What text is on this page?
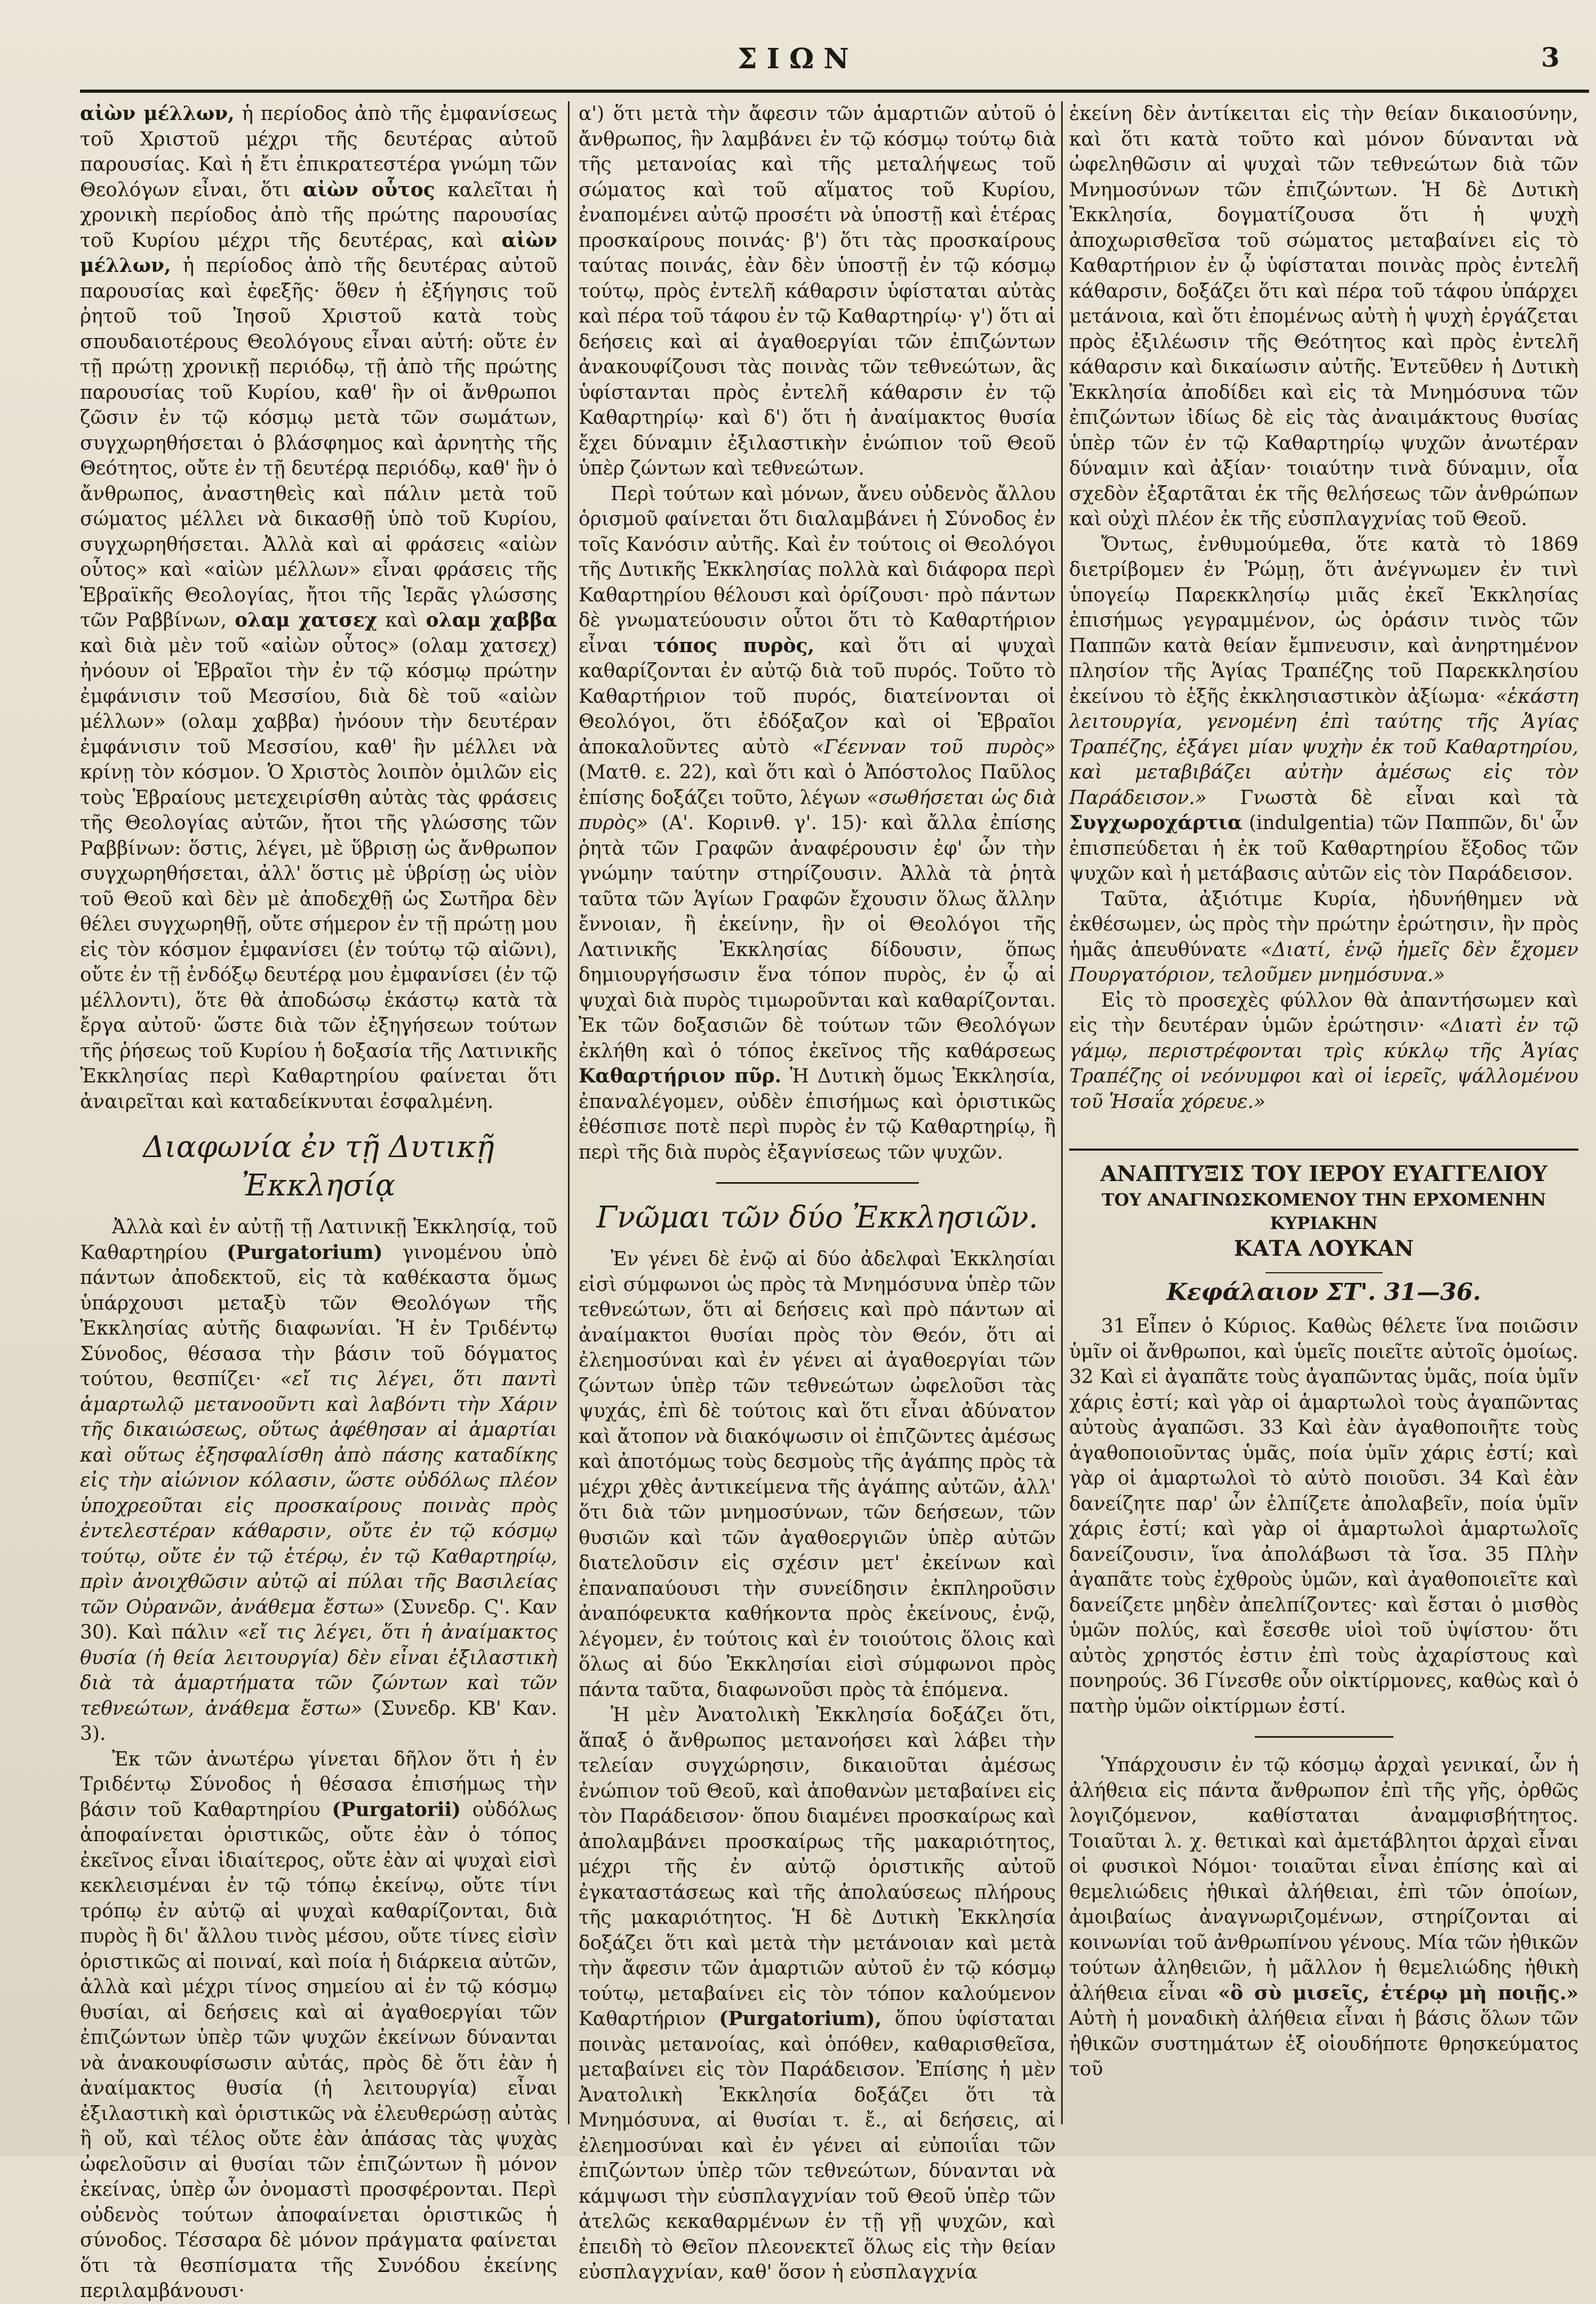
ΣΙΩΝ	3

αἰὼν μέλλων, ἡ περίοδος ἀπὸ τῆς ἐμφανίσεως τοῦ Χριστοῦ μέχρι τῆς δευτέρας αὐτοῦ παρουσίας. Καὶ ἡ ἔτι ἐπικρατεστέρα γνώμη τῶν Θεολόγων εἶναι, ὅτι αἰὼν οὗτος καλεῖται ἡ χρονικὴ περίοδος ἀπὸ τῆς πρώτης παρουσίας τοῦ Κυρίου μέχρι τῆς δευτέρας, καὶ αἰὼν μέλλων, ἡ περίοδος ἀπὸ τῆς δευτέρας αὐτοῦ παρουσίας καὶ ἐφεξῆς· ὅθεν ἡ ἐξήγησις τοῦ ῥητοῦ τοῦ Ἰησοῦ Χριστοῦ κατὰ τοὺς σπουδαιοτέρους Θεολόγους εἶναι αὐτή: οὔτε ἐν τῇ πρώτῃ χρονικῇ περιόδῳ, τῇ ἀπὸ τῆς πρώτης παρουσίας τοῦ Κυρίου, καθ' ἣν οἱ ἄνθρωποι ζῶσιν ἐν τῷ κόσμῳ μετὰ τῶν σωμάτων, συγχωρηθήσεται ὁ βλάσφημος καὶ ἀρνητὴς τῆς Θεότητος, οὔτε ἐν τῇ δευτέρᾳ περιόδῳ, καθ' ἣν ὁ ἄνθρωπος, ἀναστηθεὶς καὶ πάλιν μετὰ τοῦ σώματος μέλλει νὰ δικασθῇ ὑπὸ τοῦ Κυρίου, συγχωρηθήσεται. Ἀλλὰ καὶ αἱ φράσεις «αἰὼν οὗτος» καὶ «αἰὼν μέλλων» εἶναι φράσεις τῆς Ἑβραϊκῆς Θεολογίας, ἤτοι τῆς Ἱερᾶς γλώσσης τῶν Ραββίνων, ολαμ χατσεχ καὶ ολαμ χαββα καὶ διὰ μὲν τοῦ «αἰὼν οὗτος» (ολαμ χατσεχ) ἠνόουν οἱ Ἑβραῖοι τὴν ἐν τῷ κόσμῳ πρώτην ἐμφάνισιν τοῦ Μεσσίου, διὰ δὲ τοῦ «αἰὼν μέλλων» (ολαμ χαββα) ἠνόουν τὴν δευτέραν ἐμφάνισιν τοῦ Μεσσίου, καθ' ἣν μέλλει νὰ κρίνῃ τὸν κόσμον. Ὁ Χριστὸς λοιπὸν ὁμιλῶν εἰς τοὺς Ἑβραίους μετεχειρίσθη αὐτὰς τὰς φράσεις τῆς Θεολογίας αὐτῶν, ἤτοι τῆς γλώσσης τῶν Ραββίνων: ὅστις, λέγει, μὲ ὕβρισῃ ὡς ἄνθρωπον συγχωρηθήσεται, ἀλλ' ὅστις μὲ ὑβρίσῃ ὡς υἱὸν τοῦ Θεοῦ καὶ δὲν μὲ ἀποδεχθῇ ὡς Σωτῆρα δὲν θέλει συγχωρηθῇ, οὔτε σήμερον ἐν τῇ πρώτῃ μου εἰς τὸν κόσμον ἐμφανίσει (ἐν τούτῳ τῷ αἰῶνι), οὔτε ἐν τῇ ἐνδόξῳ δευτέρᾳ μου ἐμφανίσει (ἐν τῷ μέλλοντι), ὅτε θὰ ἀποδώσῳ ἑκάστῳ κατὰ τὰ ἔργα αὐτοῦ· ὥστε διὰ τῶν ἐξηγήσεων τούτων τῆς ῥήσεως τοῦ Κυρίου ἡ δοξασία τῆς Λατινικῆς Ἐκκλησίας περὶ Καθαρτηρίου φαίνεται ὅτι ἀναιρεῖται καὶ καταδείκνυται ἐσφαλμένη.

Διαφωνία ἐν τῇ Δυτικῇ Ἐκκλησίᾳ

Ἀλλὰ καὶ ἐν αὐτῇ τῇ Λατινικῇ Ἐκκλησίᾳ, τοῦ Καθαρτηρίου (Purgatorium) γινομένου ὑπὸ πάντων ἀποδεκτοῦ, εἰς τὰ καθέκαστα ὅμως ὑπάρχουσι μεταξὺ τῶν Θεολόγων τῆς Ἐκκλησίας αὐτῆς διαφωνίαι. Ἡ ἐν Τριδέντῳ Σύνοδος, θέσασα τὴν βάσιν τοῦ δόγματος τούτου, θεσπίζει· «εἴ τις λέγει, ὅτι παντὶ ἁμαρτωλῷ μετανοοῦντι καὶ λαβόντι τὴν Χάριν τῆς δικαιώσεως, οὕτως ἀφέθησαν αἱ ἁμαρτίαι καὶ οὕτως ἐξησφαλίσθη ἀπὸ πάσης καταδίκης εἰς τὴν αἰώνιον κόλασιν, ὥστε οὐδόλως πλέον ὑποχρεοῦται εἰς προσκαίρους ποινὰς πρὸς ἐντελεστέραν κάθαρσιν, οὔτε ἐν τῷ κόσμῳ τούτῳ, οὔτε ἐν τῷ ἑτέρῳ, ἐν τῷ Καθαρτηρίῳ, πρὶν ἀνοιχθῶσιν αὐτῷ αἱ πύλαι τῆς Βασιλείας τῶν Οὐρανῶν, ἀνάθεμα ἔστω» (Συνεδρ. Ϛ'. Καν 30). Καὶ πάλιν «εἴ τις λέγει, ὅτι ἡ ἀναίμακτος θυσία (ἡ θεία λειτουργία) δὲν εἶναι ἐξιλαστικὴ διὰ τὰ ἁμαρτήματα τῶν ζώντων καὶ τῶν τεθνεώτων, ἀνάθεμα ἔστω» (Συνεδρ. ΚΒ' Καν. 3).

Ἐκ τῶν ἀνωτέρω γίνεται δῆλον ὅτι ἡ ἐν Τριδέντῳ Σύνοδος ἡ θέσασα ἐπισήμως τὴν βάσιν τοῦ Καθαρτηρίου (Purgatorii) οὐδόλως ἀποφαίνεται ὁριστικῶς, οὔτε ἐὰν ὁ τόπος ἐκεῖνος εἶναι ἰδιαίτερος, οὔτε ἐὰν αἱ ψυχαὶ εἰσὶ κεκλεισμέναι ἐν τῷ τόπῳ ἐκείνῳ, οὔτε τίνι τρόπῳ ἐν αὐτῷ αἱ ψυχαὶ καθαρίζονται, διὰ πυρὸς ἢ δι' ἄλλου τινὸς μέσου, οὔτε τίνες εἰσὶν ὁριστικῶς αἱ ποιναί, καὶ ποία ἡ διάρκεια αὐτῶν, ἀλλὰ καὶ μέχρι τίνος σημείου αἱ ἐν τῷ κόσμῳ θυσίαι, αἱ δεήσεις καὶ αἱ ἀγαθοεργίαι τῶν ἐπιζώντων ὑπὲρ τῶν ψυχῶν ἐκείνων δύνανται νὰ ἀνακουφίσωσιν αὐτάς, πρὸς δὲ ὅτι ἐὰν ἡ ἀναίμακτος θυσία (ἡ λειτουργία) εἶναι ἐξιλαστικὴ καὶ ὁριστικῶς νὰ ἐλευθερώσῃ αὐτὰς ἢ οὔ, καὶ τέλος οὔτε ἐὰν ἁπάσας τὰς ψυχὰς ὠφελοῦσιν αἱ θυσίαι τῶν ἐπιζώντων ἢ μόνον ἐκείνας, ὑπὲρ ὧν ὀνομαστὶ προσφέρονται. Περὶ οὐδενὸς τούτων ἀποφαίνεται ὁριστικῶς ἡ σύνοδος. Τέσσαρα δὲ μόνον πράγματα φαίνεται ὅτι τὰ θεσπίσματα τῆς Συνόδου ἐκείνης περιλαμβάνουσι·

α') ὅτι μετὰ τὴν ἄφεσιν τῶν ἁμαρτιῶν αὐτοῦ ὁ ἄνθρωπος, ἣν λαμβάνει ἐν τῷ κόσμῳ τούτῳ διὰ τῆς μετανοίας καὶ τῆς μεταλήψεως τοῦ σώματος καὶ τοῦ αἵματος τοῦ Κυρίου, ἐναπομένει αὐτῷ προσέτι νὰ ὑποστῇ καὶ ἑτέρας προσκαίρους ποινάς· β') ὅτι τὰς προσκαίρους ταύτας ποινάς, ἐὰν δὲν ὑποστῇ ἐν τῷ κόσμῳ τούτῳ, πρὸς ἐντελῆ κάθαρσιν ὑφίσταται αὐτὰς καὶ πέρα τοῦ τάφου ἐν τῷ Καθαρτηρίῳ· γ') ὅτι αἱ δεήσεις καὶ αἱ ἀγαθοεργίαι τῶν ἐπιζώντων ἀνακουφίζουσι τὰς ποινὰς τῶν τεθνεώτων, ἃς ὑφίστανται πρὸς ἐντελῆ κάθαρσιν ἐν τῷ Καθαρτηρίῳ· καὶ δ') ὅτι ἡ ἀναίμακτος θυσία ἔχει δύναμιν ἐξιλαστικὴν ἐνώπιον τοῦ Θεοῦ ὑπὲρ ζώντων καὶ τεθνεώτων.

Περὶ τούτων καὶ μόνων, ἄνευ οὐδενὸς ἄλλου ὁρισμοῦ φαίνεται ὅτι διαλαμβάνει ἡ Σύνοδος ἐν τοῖς Κανόσιν αὐτῆς. Καὶ ἐν τούτοις οἱ Θεολόγοι τῆς Δυτικῆς Ἐκκλησίας πολλὰ καὶ διάφορα περὶ Καθαρτηρίου θέλουσι καὶ ὁρίζουσι· πρὸ πάντων δὲ γνωματεύουσιν οὗτοι ὅτι τὸ Καθαρτήριον εἶναι τόπος πυρὸς, καὶ ὅτι αἱ ψυχαὶ καθαρίζονται ἐν αὐτῷ διὰ τοῦ πυρός. Τοῦτο τὸ Καθαρτήριον τοῦ πυρός, διατείνονται οἱ Θεολόγοι, ὅτι ἐδόξαζον καὶ οἱ Ἑβραῖοι ἀποκαλοῦντες αὐτὸ «Γέενναν τοῦ πυρὸς» (Ματθ. ε. 22), καὶ ὅτι καὶ ὁ Ἀπόστολος Παῦλος ἐπίσης δοξάζει τοῦτο, λέγων «σωθήσεται ὡς διὰ πυρὸς» (Α'. Κορινθ. γ'. 15)· καὶ ἄλλα ἐπίσης ῥητὰ τῶν Γραφῶν ἀναφέρουσιν ἐφ' ὧν τὴν γνώμην ταύτην στηρίζουσιν. Ἀλλὰ τὰ ῥητὰ ταῦτα τῶν Ἁγίων Γραφῶν ἔχουσιν ὅλως ἄλλην ἔννοιαν, ἢ ἐκείνην, ἣν οἱ Θεολόγοι τῆς Λατινικῆς Ἐκκλησίας δίδουσιν, ὅπως δημιουργήσωσιν ἕνα τόπον πυρὸς, ἐν ᾧ αἱ ψυχαὶ διὰ πυρὸς τιμωροῦνται καὶ καθαρίζονται. Ἐκ τῶν δοξασιῶν δὲ τούτων τῶν Θεολόγων ἐκλήθη καὶ ὁ τόπος ἐκεῖνος τῆς καθάρσεως Καθαρτήριον πῦρ. Ἡ Δυτικὴ ὅμως Ἐκκλησία, ἐπαναλέγομεν, οὐδὲν ἐπισήμως καὶ ὁριστικῶς ἐθέσπισε ποτὲ περὶ πυρὸς ἐν τῷ Καθαρτηρίῳ, ἢ περὶ τῆς διὰ πυρὸς ἐξαγνίσεως τῶν ψυχῶν.

Γνῶμαι τῶν δύο Ἐκκλησιῶν.

Ἐν γένει δὲ ἐνῷ αἱ δύο ἀδελφαὶ Ἐκκλησίαι εἰσὶ σύμφωνοι ὡς πρὸς τὰ Μνημόσυνα ὑπὲρ τῶν τεθνεώτων, ὅτι αἱ δεήσεις καὶ πρὸ πάντων αἱ ἀναίμακτοι θυσίαι πρὸς τὸν Θεόν, ὅτι αἱ ἐλεημοσύναι καὶ ἐν γένει αἱ ἀγαθοεργίαι τῶν ζώντων ὑπὲρ τῶν τεθνεώτων ὠφελοῦσι τὰς ψυχάς, ἐπὶ δὲ τούτοις καὶ ὅτι εἶναι ἀδύνατον καὶ ἄτοπον νὰ διακόψωσιν οἱ ἐπιζῶντες ἀμέσως καὶ ἀποτόμως τοὺς δεσμοὺς τῆς ἀγάπης πρὸς τὰ μέχρι χθὲς ἀντικείμενα τῆς ἀγάπης αὐτῶν, ἀλλ' ὅτι διὰ τῶν μνημοσύνων, τῶν δεήσεων, τῶν θυσιῶν καὶ τῶν ἀγαθοεργιῶν ὑπὲρ αὐτῶν διατελοῦσιν εἰς σχέσιν μετ' ἐκείνων καὶ ἐπαναπαύουσι τὴν συνείδησιν ἐκπληροῦσιν ἀναπόφευκτα καθήκοντα πρὸς ἐκείνους, ἐνῷ, λέγομεν, ἐν τούτοις καὶ ἐν τοιούτοις ὅλοις καὶ ὅλως αἱ δύο Ἐκκλησίαι εἰσὶ σύμφωνοι πρὸς πάντα ταῦτα, διαφωνοῦσι πρὸς τὰ ἑπόμενα.

Ἡ μὲν Ἀνατολικὴ Ἐκκλησία δοξάζει ὅτι, ἅπαξ ὁ ἄνθρωπος μετανοήσει καὶ λάβει τὴν τελείαν συγχώρησιν, δικαιοῦται ἀμέσως ἐνώπιον τοῦ Θεοῦ, καὶ ἀποθανὼν μεταβαίνει εἰς τὸν Παράδεισον· ὅπου διαμένει προσκαίρως καὶ ἀπολαμβάνει προσκαίρως τῆς μακαριότητος, μέχρι τῆς ἐν αὐτῷ ὁριστικῆς αὐτοῦ ἐγκαταστάσεως καὶ τῆς ἀπολαύσεως πλήρους τῆς μακαριότητος. Ἡ δὲ Δυτικὴ Ἐκκλησία δοξάζει ὅτι καὶ μετὰ τὴν μετάνοιαν καὶ μετὰ τὴν ἄφεσιν τῶν ἁμαρτιῶν αὐτοῦ ἐν τῷ κόσμῳ τούτῳ, μεταβαίνει εἰς τὸν τόπον καλούμενον Καθαρτήριον (Purgatorium), ὅπου ὑφίσταται ποινὰς μετανοίας, καὶ ὁπόθεν, καθαρισθεῖσα, μεταβαίνει εἰς τὸν Παράδεισον. Ἐπίσης ἡ μὲν Ἀνατολικὴ Ἐκκλησία δοξάζει ὅτι τὰ Μνημόσυνα, αἱ θυσίαι τ. ἔ., αἱ δεήσεις, αἱ ἐλεημοσύναι καὶ ἐν γένει αἱ εὐποιΐαι τῶν ἐπιζώντων ὑπὲρ τῶν τεθνεώτων, δύνανται νὰ κάμψωσι τὴν εὐσπλαγχνίαν τοῦ Θεοῦ ὑπὲρ τῶν ἀτελῶς κεκαθαρμένων ἐν τῇ γῇ ψυχῶν, καὶ ἐπειδὴ τὸ Θεῖον πλεονεκτεῖ ὅλως εἰς τὴν θείαν εὐσπλαγχνίαν, καθ' ὅσον ἡ εὐσπλαγχνία

ἐκείνη δὲν ἀντίκειται εἰς τὴν θείαν δικαιοσύνην, καὶ ὅτι κατὰ τοῦτο καὶ μόνον δύνανται νὰ ὠφεληθῶσιν αἱ ψυχαὶ τῶν τεθνεώτων διὰ τῶν Μνημοσύνων τῶν ἐπιζώντων. Ἡ δὲ Δυτικὴ Ἐκκλησία, δογματίζουσα ὅτι ἡ ψυχὴ ἀποχωρισθεῖσα τοῦ σώματος μεταβαίνει εἰς τὸ Καθαρτήριον ἐν ᾧ ὑφίσταται ποινὰς πρὸς ἐντελῆ κάθαρσιν, δοξάζει ὅτι καὶ πέρα τοῦ τάφου ὑπάρχει μετάνοια, καὶ ὅτι ἐπομένως αὐτὴ ἡ ψυχὴ ἐργάζεται πρὸς ἐξιλέωσιν τῆς Θεότητος καὶ πρὸς ἐντελῆ κάθαρσιν καὶ δικαίωσιν αὐτῆς. Ἐντεῦθεν ἡ Δυτικὴ Ἐκκλησία ἀποδίδει καὶ εἰς τὰ Μνημόσυνα τῶν ἐπιζώντων ἰδίως δὲ εἰς τὰς ἀναιμάκτους θυσίας ὑπὲρ τῶν ἐν τῷ Καθαρτηρίῳ ψυχῶν ἀνωτέραν δύναμιν καὶ ἀξίαν· τοιαύτην τινὰ δύναμιν, οἷα σχεδὸν ἐξαρτᾶται ἐκ τῆς θελήσεως τῶν ἀνθρώπων καὶ οὐχὶ πλέον ἐκ τῆς εὐσπλαγχνίας τοῦ Θεοῦ.

Ὄντως, ἐνθυμούμεθα, ὅτε κατὰ τὸ 1869 διετρίβομεν ἐν Ῥώμῃ, ὅτι ἀνέγνωμεν ἐν τινὶ ὑπογείῳ Παρεκκλησίῳ μιᾶς ἐκεῖ Ἐκκλησίας ἐπισήμως γεγραμμένον, ὡς ὁράσιν τινὸς τῶν Παππῶν κατὰ θείαν ἔμπνευσιν, καὶ ἀνηρτημένον πλησίον τῆς Ἁγίας Τραπέζης τοῦ Παρεκκλησίου ἐκείνου τὸ ἑξῆς ἐκκλησιαστικὸν ἀξίωμα· «ἑκάστη λειτουργία, γενομένη ἐπὶ ταύτης τῆς Ἁγίας Τραπέζης, ἐξάγει μίαν ψυχὴν ἐκ τοῦ Καθαρτηρίου, καὶ μεταβιβάζει αὐτὴν ἀμέσως εἰς τὸν Παράδεισον.» Γνωστὰ δὲ εἶναι καὶ τὰ Συγχωροχάρτια (indulgentia) τῶν Παππῶν, δι' ὧν ἐπισπεύδεται ἡ ἐκ τοῦ Καθαρτηρίου ἔξοδος τῶν ψυχῶν καὶ ἡ μετάβασις αὐτῶν εἰς τὸν Παράδεισον.

Ταῦτα, ἀξιότιμε Κυρία, ἠδυνήθημεν νὰ ἐκθέσωμεν, ὡς πρὸς τὴν πρώτην ἐρώτησιν, ἣν πρὸς ἡμᾶς ἀπευθύνατε «Διατί, ἐνῷ ἡμεῖς δὲν ἔχομεν Πουργατόριον, τελοῦμεν μνημόσυνα.»

Εἰς τὸ προσεχὲς φύλλον θὰ ἀπαντήσωμεν καὶ εἰς τὴν δευτέραν ὑμῶν ἐρώτησιν· «Διατὶ ἐν τῷ γάμῳ, περιστρέφονται τρὶς κύκλῳ τῆς Ἁγίας Τραπέζης οἱ νεόνυμφοι καὶ οἱ ἱερεῖς, ψάλλομένου τοῦ Ἡσαΐα χόρευε.»

ΑΝΑΠΤΥΞΙΣ ΤΟΥ ΙΕΡΟΥ ΕΥΑΓΓΕΛΙΟΥ
ΤΟΥ ΑΝΑΓΙΝΩΣΚΟΜΕΝΟΥ ΤΗΝ ΕΡΧΟΜΕΝΗΝ ΚΥΡΙΑΚΗΝ
ΚΑΤΑ ΛΟΥΚΑΝ
Κεφάλαιον ΣΤ'. 31—36.

31 Εἶπεν ὁ Κύριος. Καθὼς θέλετε ἵνα ποιῶσιν ὑμῖν οἱ ἄνθρωποι, καὶ ὑμεῖς ποιεῖτε αὐτοῖς ὁμοίως. 32 Καὶ εἰ ἀγαπᾶτε τοὺς ἀγαπῶντας ὑμᾶς, ποία ὑμῖν χάρις ἐστί; καὶ γὰρ οἱ ἁμαρτωλοὶ τοὺς ἀγαπῶντας αὐτοὺς ἀγαπῶσι. 33 Καὶ ἐὰν ἀγαθοποιῆτε τοὺς ἀγαθοποιοῦντας ὑμᾶς, ποία ὑμῖν χάρις ἐστί; καὶ γὰρ οἱ ἁμαρτωλοὶ τὸ αὐτὸ ποιοῦσι. 34 Καὶ ἐὰν δανείζητε παρ' ὧν ἐλπίζετε ἀπολαβεῖν, ποία ὑμῖν χάρις ἐστί; καὶ γὰρ οἱ ἁμαρτωλοὶ ἁμαρτωλοῖς δανείζουσιν, ἵνα ἀπολάβωσι τὰ ἴσα. 35 Πλὴν ἀγαπᾶτε τοὺς ἐχθροὺς ὑμῶν, καὶ ἀγαθοποιεῖτε καὶ δανείζετε μηδὲν ἀπελπίζοντες· καὶ ἔσται ὁ μισθὸς ὑμῶν πολύς, καὶ ἔσεσθε υἱοὶ τοῦ ὑψίστου· ὅτι αὐτὸς χρηστός ἐστιν ἐπὶ τοὺς ἀχαρίστους καὶ πονηρούς. 36 Γίνεσθε οὖν οἰκτίρμονες, καθὼς καὶ ὁ πατὴρ ὑμῶν οἰκτίρμων ἐστί.

Ὑπάρχουσιν ἐν τῷ κόσμῳ ἀρχαὶ γενικαί, ὧν ἡ ἀλήθεια εἰς πάντα ἄνθρωπον ἐπὶ τῆς γῆς, ὀρθῶς λογιζόμενον, καθίσταται ἀναμφισβήτητος. Τοιαῦται λ. χ. θετικαὶ καὶ ἀμετάβλητοι ἀρχαὶ εἶναι οἱ φυσικοὶ Νόμοι· τοιαῦται εἶναι ἐπίσης καὶ αἱ θεμελιώδεις ἠθικαὶ ἀλήθειαι, ἐπὶ τῶν ὁποίων, ἀμοιβαίως ἀναγνωριζομένων, στηρίζονται αἱ κοινωνίαι τοῦ ἀνθρωπίνου γένους. Μία τῶν ἠθικῶν τούτων ἀληθειῶν, ἡ μᾶλλον ἡ θεμελιώδης ἠθικὴ ἀλήθεια εἶναι «ὃ σὺ μισεῖς, ἑτέρῳ μὴ ποιῇς.» Αὐτὴ ἡ μοναδικὴ ἀλήθεια εἶναι ἡ βάσις ὅλων τῶν ἠθικῶν συστημάτων ἐξ οἱουδήποτε θρησκεύματος τοῦ
